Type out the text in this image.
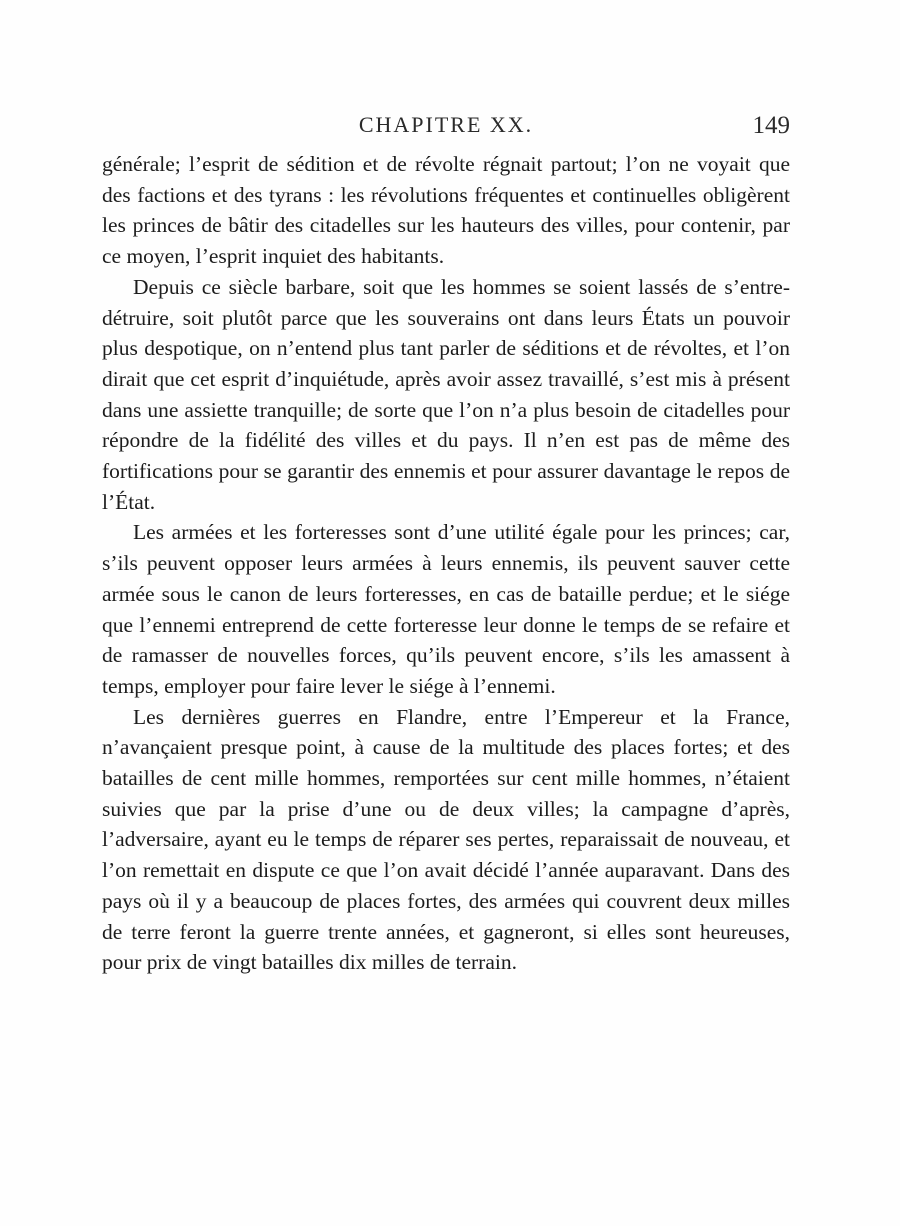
CHAPITRE XX.	149

générale; l’esprit de sédition et de révolte régnait partout; l’on ne voyait que des factions et des tyrans : les révolutions fréquentes et continuelles obligèrent les princes de bâtir des citadelles sur les hauteurs des villes, pour contenir, par ce moyen, l’esprit inquiet des habitants.

Depuis ce siècle barbare, soit que les hommes se soient lassés de s’entre-détruire, soit plutôt parce que les souverains ont dans leurs États un pouvoir plus despotique, on n’entend plus tant parler de séditions et de révoltes, et l’on dirait que cet esprit d’inquiétude, après avoir assez travaillé, s’est mis à présent dans une assiette tranquille; de sorte que l’on n’a plus besoin de citadelles pour répondre de la fidélité des villes et du pays. Il n’en est pas de même des fortifications pour se garantir des ennemis et pour assurer davantage le repos de l’État.

Les armées et les forteresses sont d’une utilité égale pour les princes; car, s’ils peuvent opposer leurs armées à leurs ennemis, ils peuvent sauver cette armée sous le canon de leurs forteresses, en cas de bataille perdue; et le siége que l’ennemi entreprend de cette forteresse leur donne le temps de se refaire et de ramasser de nouvelles forces, qu’ils peuvent encore, s’ils les amassent à temps, employer pour faire lever le siége à l’ennemi.

Les dernières guerres en Flandre, entre l’Empereur et la France, n’avançaient presque point, à cause de la multitude des places fortes; et des batailles de cent mille hommes, remportées sur cent mille hommes, n’étaient suivies que par la prise d’une ou de deux villes; la campagne d’après, l’adversaire, ayant eu le temps de réparer ses pertes, reparaissait de nouveau, et l’on remettait en dispute ce que l’on avait décidé l’année auparavant. Dans des pays où il y a beaucoup de places fortes, des armées qui couvrent deux milles de terre feront la guerre trente années, et gagneront, si elles sont heureuses, pour prix de vingt batailles dix milles de terrain.
